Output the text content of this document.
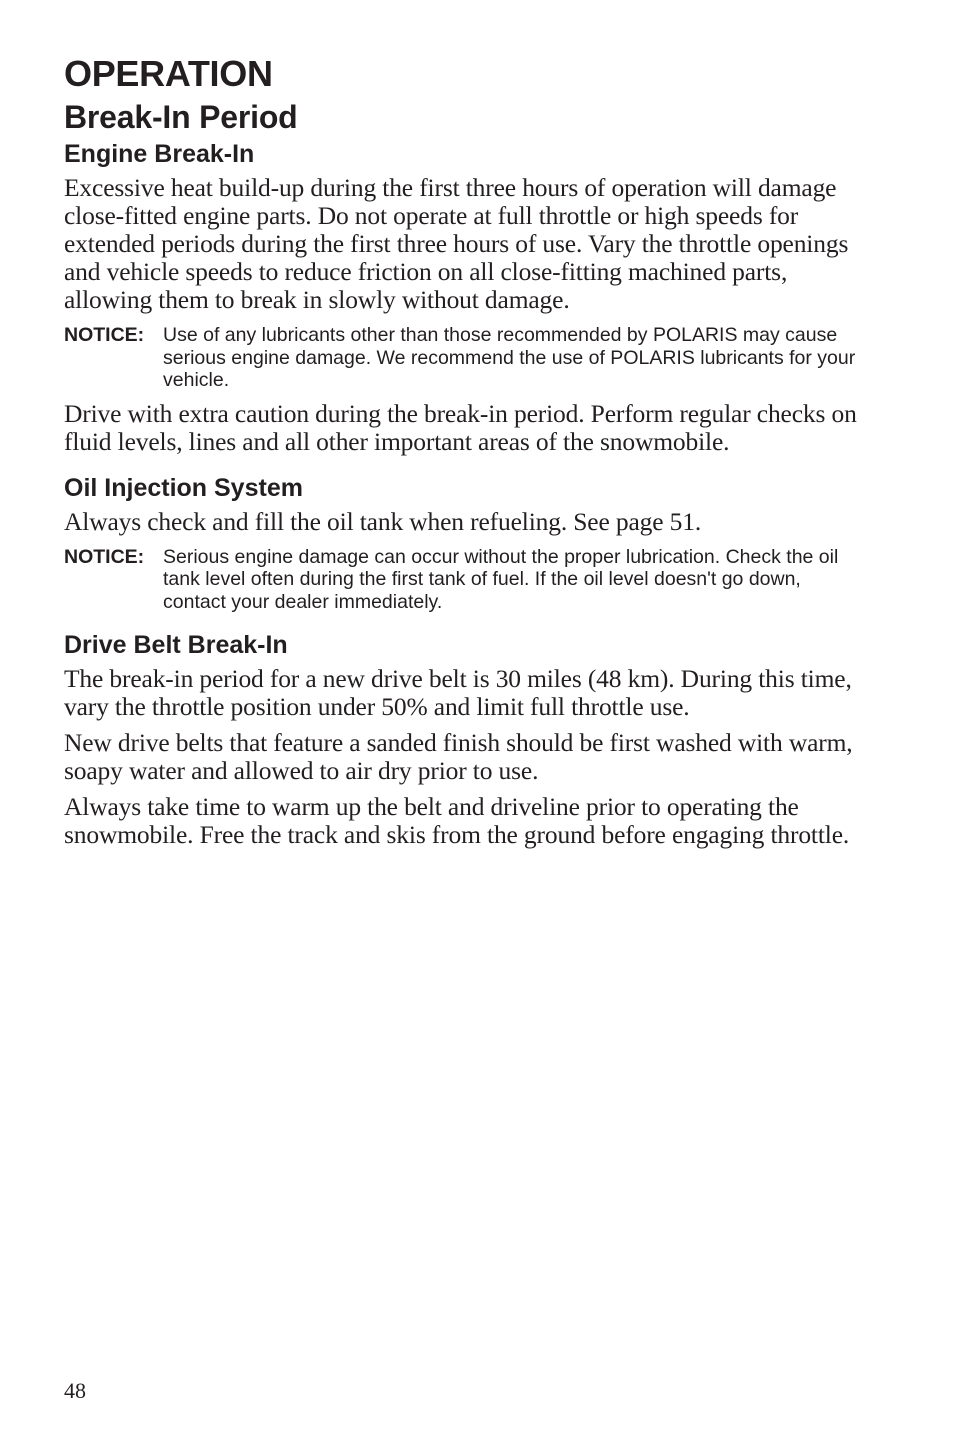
OPERATION
Break-In Period
Engine Break-In

Excessive heat build-up during the first three hours of operation will damage close-fitted engine parts. Do not operate at full throttle or high speeds for extended periods during the first three hours of use. Vary the throttle openings and vehicle speeds to reduce friction on all close-fitting machined parts, allowing them to break in slowly without damage.

NOTICE: Use of any lubricants other than those recommended by POLARIS may cause serious engine damage. We recommend the use of POLARIS lubricants for your vehicle.

Drive with extra caution during the break-in period. Perform regular checks on fluid levels, lines and all other important areas of the snowmobile.

Oil Injection System

Always check and fill the oil tank when refueling. See page 51.

NOTICE: Serious engine damage can occur without the proper lubrication. Check the oil tank level often during the first tank of fuel. If the oil level doesn't go down, contact your dealer immediately.
Drive Belt Break-In

The break-in period for a new drive belt is 30 miles (48 km). During this time, vary the throttle position under 50% and limit full throttle use.

New drive belts that feature a sanded finish should be first washed with warm, soapy water and allowed to air dry prior to use.

Always take time to warm up the belt and driveline prior to operating the snowmobile. Free the track and skis from the ground before engaging throttle.

48
